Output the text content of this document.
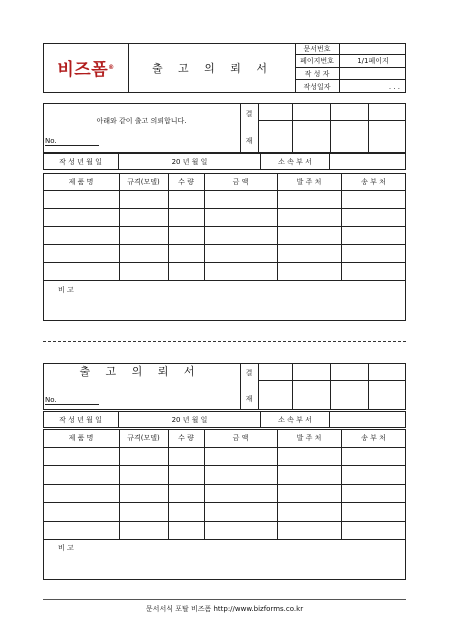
비즈폼 ®	출 고 의 뢰 서
문서번호
페이지번호	1/1페이지
작 성 자
작성일자	. . .
아래와 같이 출고 의뢰합니다.
No.
결
재
작 성 년 월 일	20 년 월 일	소 속 부 서
제 품 명	규격(모델)	수 량	금 액	발 주 처	송 부 처
비 고
출 고 의 뢰 서
No.
결
재
작 성 년 월 일	20 년 월 일	소 속 부 서
제 품 명	규격(모델)	수 량	금 액	발 주 처	송 부 처
비 고
문서서식 포탈 비즈폼 http://www.bizforms.co.kr
